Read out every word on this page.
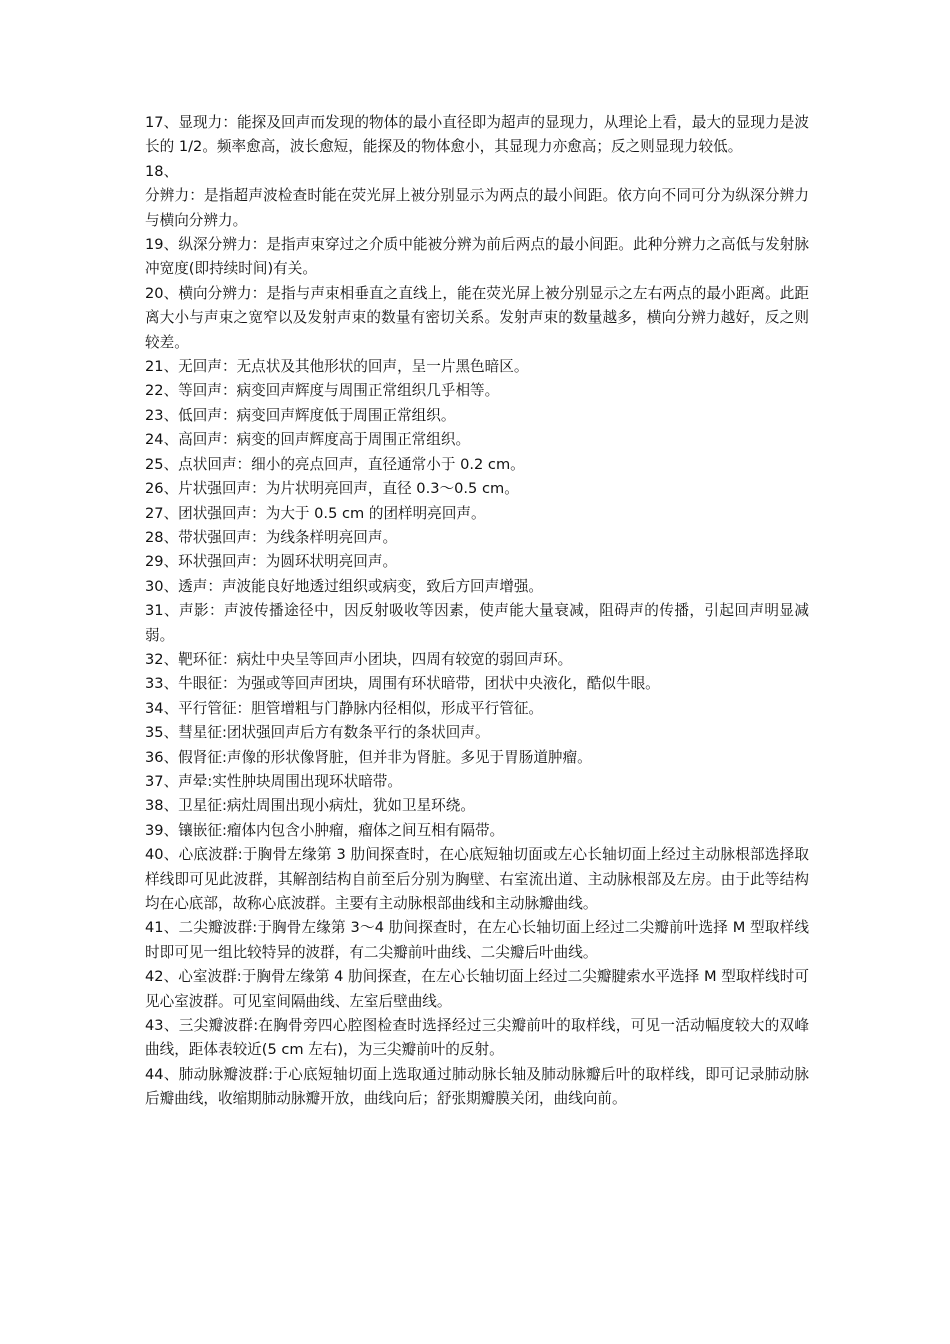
17、显现力：能探及回声而发现的物体的最小直径即为超声的显现力，从理论上看，最大的显现力是波长的 1/2。频率愈高，波长愈短，能探及的物体愈小，其显现力亦愈高；反之则显现力较低。

18、

分辨力：是指超声波检查时能在荧光屏上被分别显示为两点的最小间距。依方向不同可分为纵深分辨力与横向分辨力。

19、纵深分辨力：是指声束穿过之介质中能被分辨为前后两点的最小间距。此种分辨力之高低与发射脉冲宽度(即持续时间)有关。

20、横向分辨力：是指与声束相垂直之直线上，能在荧光屏上被分别显示之左右两点的最小距离。此距离大小与声束之宽窄以及发射声束的数量有密切关系。发射声束的数量越多，横向分辨力越好，反之则较差。

21、无回声：无点状及其他形状的回声，呈一片黑色暗区。

22、等回声：病变回声辉度与周围正常组织几乎相等。

23、低回声：病变回声辉度低于周围正常组织。

24、高回声：病变的回声辉度高于周围正常组织。

25、点状回声：细小的亮点回声，直径通常小于 0.2 cm。

26、片状强回声：为片状明亮回声，直径 0.3～0.5 cm。

27、团状强回声：为大于 0.5 cm 的团样明亮回声。

28、带状强回声：为线条样明亮回声。

29、环状强回声：为圆环状明亮回声。

30、透声：声波能良好地透过组织或病变，致后方回声增强。

31、声影：声波传播途径中，因反射吸收等因素，使声能大量衰减，阻碍声的传播，引起回声明显减弱。

32、靶环征：病灶中央呈等回声小团块，四周有较宽的弱回声环。

33、牛眼征：为强或等回声团块，周围有环状暗带，团状中央液化，酷似牛眼。

34、平行管征：胆管增粗与门静脉内径相似，形成平行管征。

35、彗星征:团状强回声后方有数条平行的条状回声。

36、假肾征:声像的形状像肾脏，但并非为肾脏。多见于胃肠道肿瘤。

37、声晕:实性肿块周围出现环状暗带。

38、卫星征:病灶周围出现小病灶，犹如卫星环绕。

39、镶嵌征:瘤体内包含小肿瘤，瘤体之间互相有隔带。

40、心底波群:于胸骨左缘第 3 肋间探查时，在心底短轴切面或左心长轴切面上经过主动脉根部选择取样线即可见此波群，其解剖结构自前至后分别为胸壁、右室流出道、主动脉根部及左房。由于此等结构均在心底部，故称心底波群。主要有主动脉根部曲线和主动脉瓣曲线。

41、二尖瓣波群:于胸骨左缘第 3～4 肋间探查时，在左心长轴切面上经过二尖瓣前叶选择 M 型取样线时即可见一组比较特异的波群，有二尖瓣前叶曲线、二尖瓣后叶曲线。

42、心室波群:于胸骨左缘第 4 肋间探查，在左心长轴切面上经过二尖瓣腱索水平选择 M 型取样线时可见心室波群。可见室间隔曲线、左室后壁曲线。

43、三尖瓣波群:在胸骨旁四心腔图检查时选择经过三尖瓣前叶的取样线，可见一活动幅度较大的双峰曲线，距体表较近(5 cm 左右)，为三尖瓣前叶的反射。

44、肺动脉瓣波群:于心底短轴切面上选取通过肺动脉长轴及肺动脉瓣后叶的取样线，即可记录肺动脉后瓣曲线，收缩期肺动脉瓣开放，曲线向后；舒张期瓣膜关闭，曲线向前。
